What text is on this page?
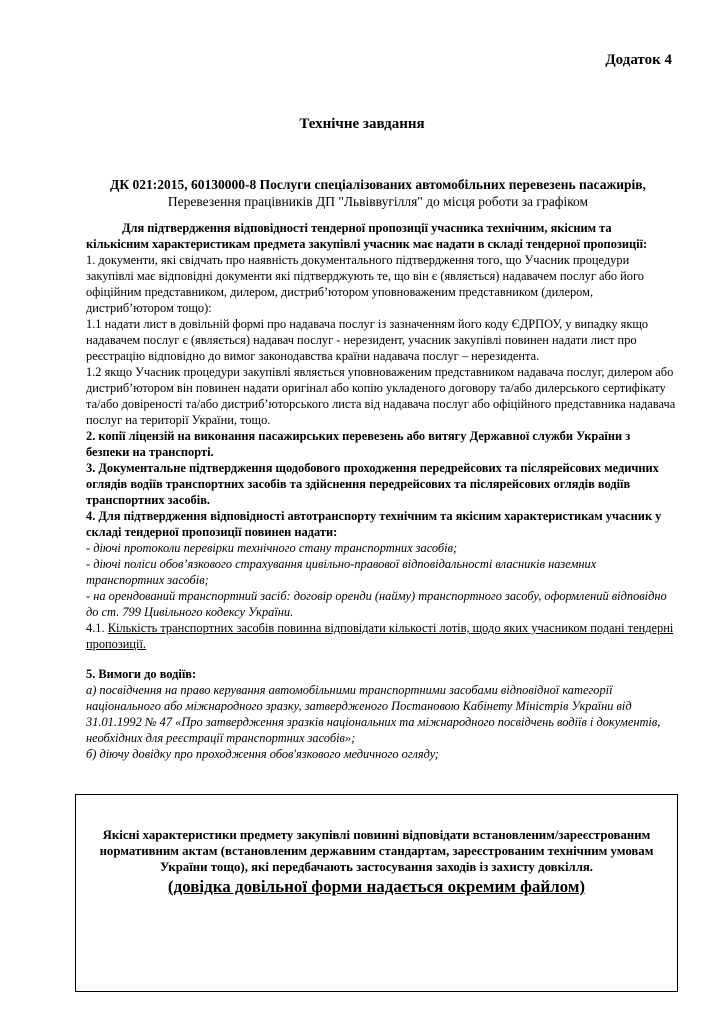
Додаток 4
Технічне завдання
ДК 021:2015, 60130000-8 Послуги спеціалізованих автомобільних перевезень пасажирів,
Перевезення працівників ДП "Львіввугілля" до місця роботи за графіком

Для підтвердження відповідності тендерної пропозиції учасника технічним, якісним та кількісним характеристикам предмета закупівлі учасник має надати в складі тендерної пропозиції:

1. документи, які свідчать про наявність документального підтвердження того, що Учасник процедури закупівлі має відповідні документи які підтверджують те, що він є (являється) надавачем послуг або його офіційним представником, дилером, дистриб’ютором уповноваженим представником (дилером, дистриб’ютором тощо):

1.1 надати лист в довільній формі про надавача послуг із зазначенням його коду ЄДРПОУ, у випадку якщо надавачем послуг є (являється) надавач послуг - нерезидент, учасник закупівлі повинен надати лист про реєстрацію відповідно до вимог законодавства країни надавача послуг – нерезидента.

1.2 якщо Учасник процедури закупівлі являється уповноваженим представником надавача послуг, дилером або дистриб’ютором він повинен надати оригінал або копію укладеного договору та/або дилерського сертифікату та/або довіреності та/або дистриб’юторського листа від надавача послуг або офіційного представника надавача послуг на території України, тощо.

2. копії ліцензій на виконання пасажирських перевезень або витягу Державної служби України з безпеки на транспорті.

3. Документальне підтвердження щодобового проходження передрейсових та післярейсових медичних оглядів водіїв транспортних засобів та здійснення передрейсових та післярейсових оглядів водіїв транспортних засобів.

4. Для підтвердження відповідності автотранспорту технічним та якісним характеристикам учасник у складі тендерної пропозиції повинен надати:

- діючі протоколи перевірки технічного стану транспортних засобів;

- діючі поліси обов’язкового страхування цивільно-правової відповідальності власників наземних транспортних засобів;

- на орендований транспортний засіб: договір оренди (найму) транспортного засобу, оформлений відповідно до ст. 799 Цивільного кодексу України.

4.1. Кількість транспортних засобів повинна відповідати кількості лотів, щодо яких учасником подані тендерні пропозиції.

5. Вимоги до водіїв:

а) посвідчення на право керування автомобільними транспортними засобами відповідної категорії національного або міжнародного зразку, затвердженого Постановою Кабінету Міністрів України від 31.01.1992 № 47 «Про затвердження зразків національних та міжнародного посвідчень водіїв і документів, необхідних для реєстрації транспортних засобів»;

б) діючу довідку про проходження обов'язкового медичного огляду;

Якісні характеристики предмету закупівлі повинні відповідати встановленим/зареєстрованим нормативним актам (встановленим державним стандартам, зареєстрованим технічним умовам України тощо), які передбачають застосування заходів із захисту довкілля.
(довідка довільної форми надається окремим файлом)
